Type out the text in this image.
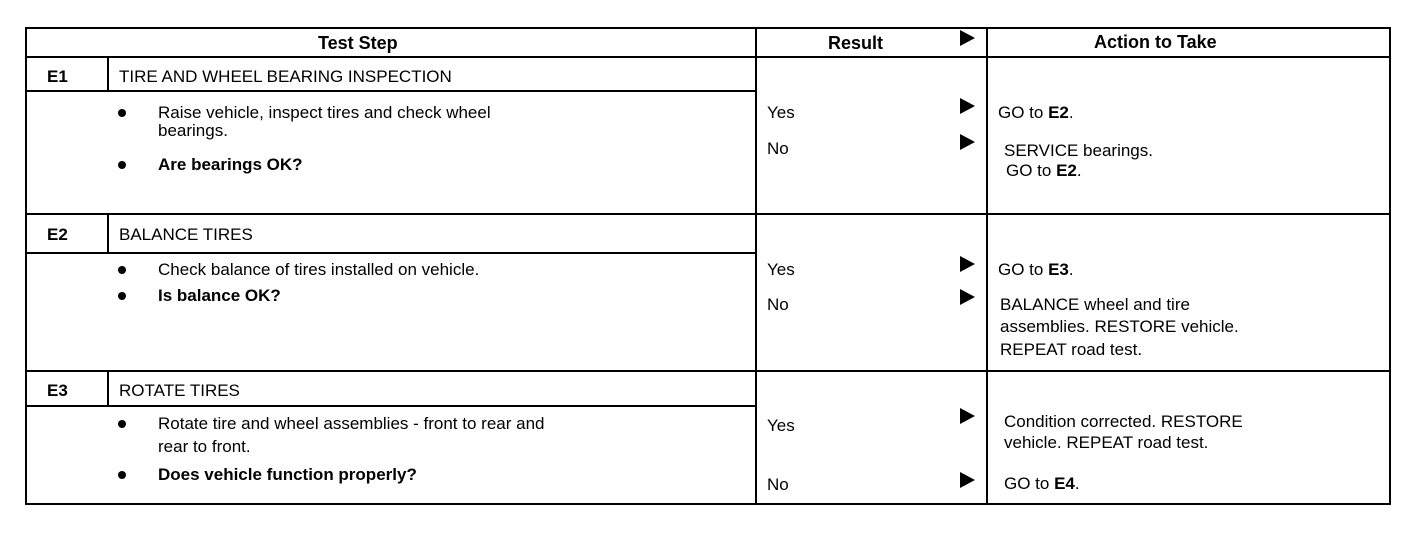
Test Step	Result	Action to Take
E1	TIRE AND WHEEL BEARING INSPECTION
Raise vehicle, inspect tires and check wheel
bearings.
Are bearings OK?
Yes	GO to E2.
No	SERVICE bearings.
GO to E2.
E2	BALANCE TIRES
Check balance of tires installed on vehicle.
Is balance OK?
Yes	GO to E3.
No	BALANCE wheel and tire
assemblies. RESTORE vehicle.
REPEAT road test.
E3	ROTATE TIRES
Rotate tire and wheel assemblies - front to rear and
rear to front.
Does vehicle function properly?
Yes	Condition corrected. RESTORE
vehicle. REPEAT road test.
No	GO to E4.
